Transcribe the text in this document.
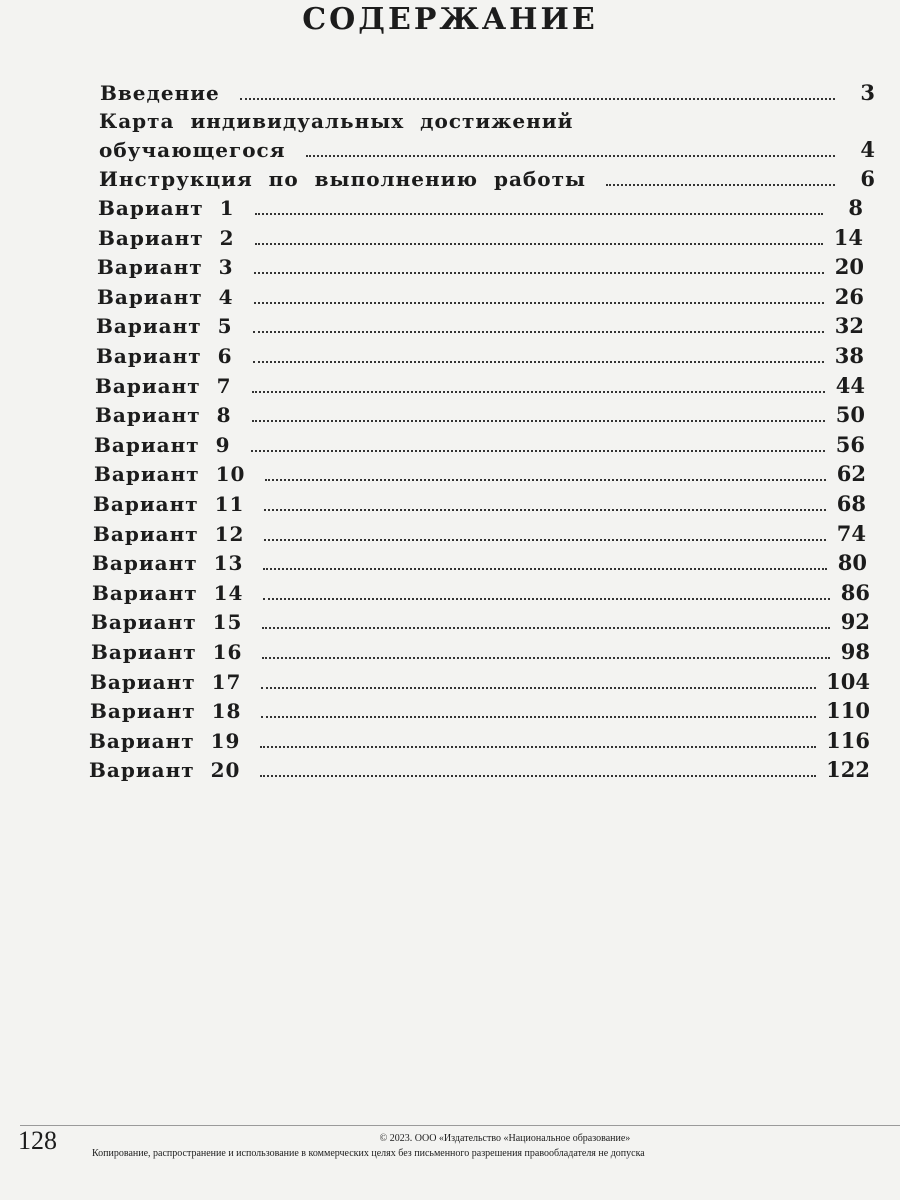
СОДЕРЖАНИЕ
Введение	3
Карта индивидуальных достижений
обучающегося	4
Инструкция по выполнению работы	6
Вариант 1	8
Вариант 2	14
Вариант 3	20
Вариант 4	26
Вариант 5	32
Вариант 6	38
Вариант 7	44
Вариант 8	50
Вариант 9	56
Вариант 10	62
Вариант 11	68
Вариант 12	74
Вариант 13	80
Вариант 14	86
Вариант 15	92
Вариант 16	98
Вариант 17	104
Вариант 18	110
Вариант 19	116
Вариант 20	122
128	© 2023. ООО «Издательство «Национальное образование»
Копирование, распространение и использование в коммерческих целях без письменного разрешения правообладателя не допуска
